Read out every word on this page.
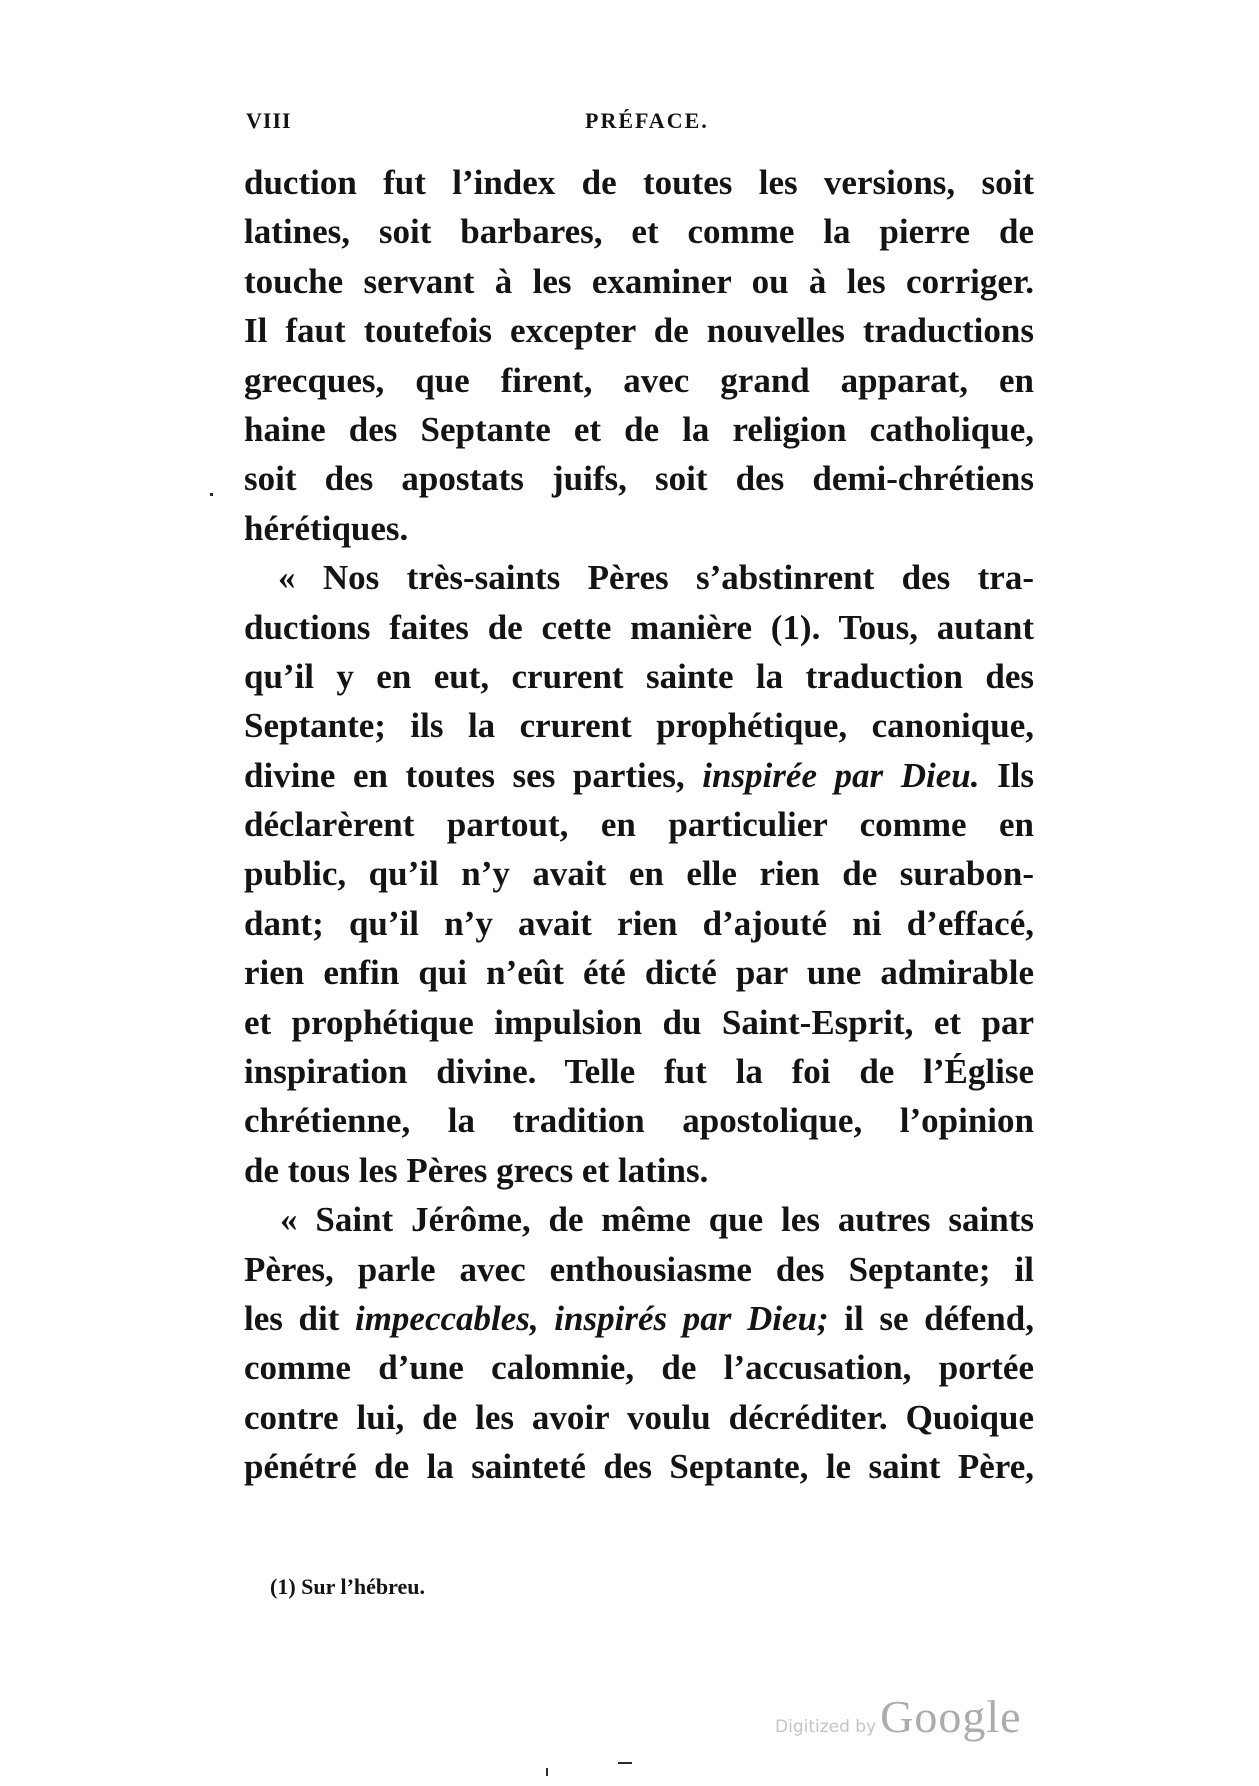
VIII	PRÉFACE.
duction fut l’index de toutes les versions, soit
latines, soit barbares, et comme la pierre de
touche servant à les examiner ou à les corriger.
Il faut toutefois excepter de nouvelles traductions
grecques, que firent, avec grand apparat, en
haine des Septante et de la religion catholique,
soit des apostats juifs, soit des demi-chrétiens
hérétiques.
« Nos très-saints Pères s’abstinrent des tra-
ductions faites de cette manière (1). Tous, autant
qu’il y en eut, crurent sainte la traduction des
Septante; ils la crurent prophétique, canonique,
divine en toutes ses parties, inspirée par Dieu. Ils
déclarèrent partout, en particulier comme en
public, qu’il n’y avait en elle rien de surabon-
dant; qu’il n’y avait rien d’ajouté ni d’effacé,
rien enfin qui n’eût été dicté par une admirable
et prophétique impulsion du Saint-Esprit, et par
inspiration divine. Telle fut la foi de l’Église
chrétienne, la tradition apostolique, l’opinion
de tous les Pères grecs et latins.
« Saint Jérôme, de même que les autres saints
Pères, parle avec enthousiasme des Septante; il
les dit impeccables, inspirés par Dieu; il se défend,
comme d’une calomnie, de l’accusation, portée
contre lui, de les avoir voulu décréditer. Quoique
pénétré de la sainteté des Septante, le saint Père,
(1) Sur l’hébreu.
Digitized by Google
